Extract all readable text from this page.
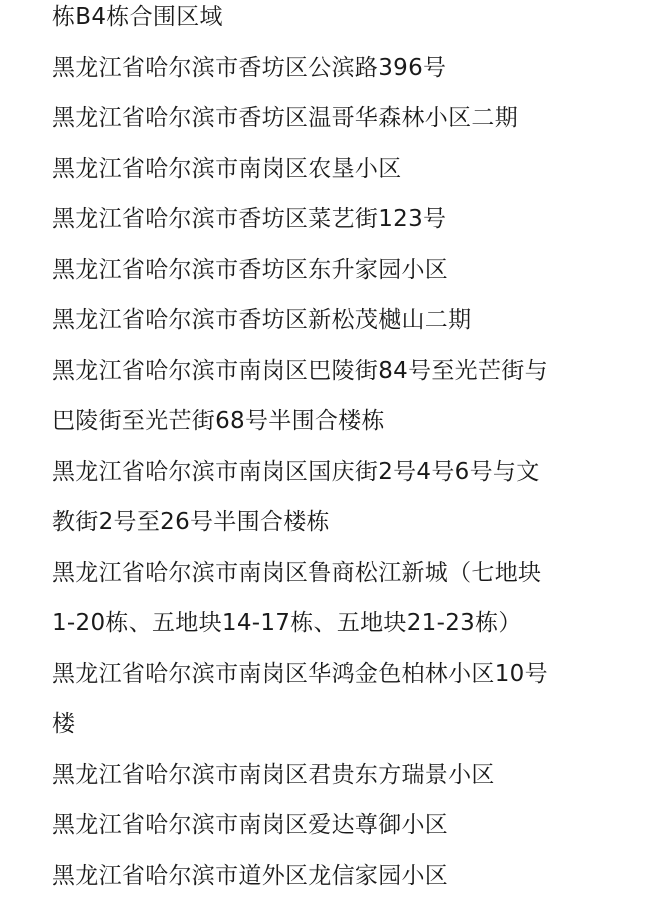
栋B4栋合围区域
黑龙江省哈尔滨市香坊区公滨路396号
黑龙江省哈尔滨市香坊区温哥华森林小区二期
黑龙江省哈尔滨市南岗区农垦小区
黑龙江省哈尔滨市香坊区菜艺街123号
黑龙江省哈尔滨市香坊区东升家园小区
黑龙江省哈尔滨市香坊区新松茂樾山二期
黑龙江省哈尔滨市南岗区巴陵街84号至光芒街与
巴陵街至光芒街68号半围合楼栋
黑龙江省哈尔滨市南岗区国庆街2号4号6号与文
教街2号至26号半围合楼栋
黑龙江省哈尔滨市南岗区鲁商松江新城（七地块
1-20栋、五地块14-17栋、五地块21-23栋）
黑龙江省哈尔滨市南岗区华鸿金色柏林小区10号
楼
黑龙江省哈尔滨市南岗区君贵东方瑞景小区
黑龙江省哈尔滨市南岗区爱达尊御小区
黑龙江省哈尔滨市道外区龙信家园小区
